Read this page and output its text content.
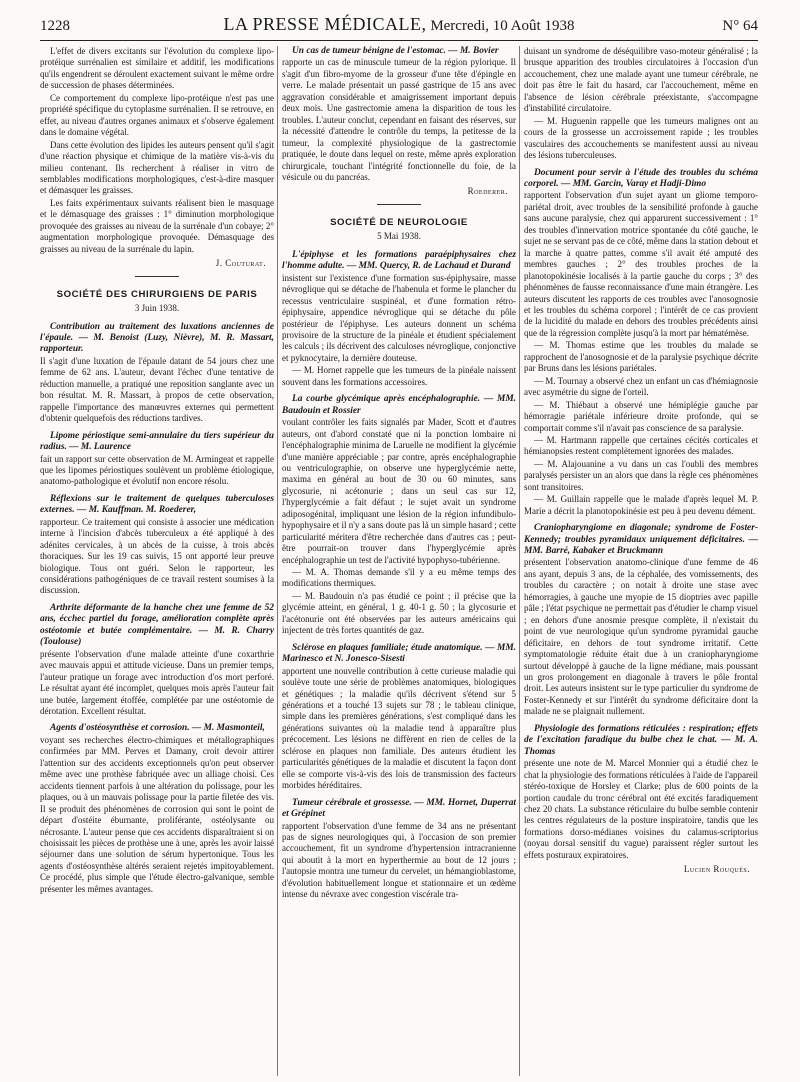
1228	LA PRESSE MÉDICALE, Mercredi, 10 Août 1938	N° 64

L'effet de divers excitants sur l'évolution du complexe lipo-protéique surrénalien est similaire et additif, les modifications qu'ils engendrent se déroulent exactement suivant le même ordre de succession de phases déterminées.

Ce comportement du complexe lipo-protéique n'est pas une propriété spécifique du cytoplasme surrénalien. Il se retrouve, en effet, au niveau d'autres organes animaux et s'observe également dans le domaine végétal.

Dans cette évolution des lipides les auteurs pensent qu'il s'agit d'une réaction physique et chimique de la matière vis-à-vis du milieu contenant. Ils recherchent à réaliser in vitro de semblables modifications morphologiques, c'est-à-dire masquer et démasquer les graisses.

Les faits expérimentaux suivants réalisent bien le masquage et le démasquage des graisses : 1° diminution morphologique provoquée des graisses au niveau de la surrénale d'un cobaye; 2° augmentation morphologique provoquée. Démasquage des graisses au niveau de la surrénale du lapin.

J. Couturat.
SOCIÉTÉ DES CHIRURGIENS DE PARIS
3 Juin 1938.
Contribution au traitement des luxations anciennes de l'épaule. — M. Benoist (Luzy, Nièvre), M. R. Massart, rapporteur.

Il s'agit d'une luxation de l'épaule datant de 54 jours chez une femme de 62 ans. L'auteur, devant l'échec d'une tentative de réduction manuelle, a pratiqué une reposition sanglante avec un bon résultat. M. R. Massart, à propos de cette observation, rappelle l'importance des manœuvres externes qui permettent d'obtenir quelquefois des réductions tardives.

Lipome périostique semi-annulaire du tiers supérieur du radius. — M. Laurence

fait un rapport sur cette observation de M. Armingeat et rappelle que les lipomes périostiques soulèvent un problème étiologique, anatomo-pathologique et évolutif non encore résolu.

Réflexions sur le traitement de quelques tuberculoses externes. — M. Kauffman. M. Roederer,

rapporteur. Ce traitement qui consiste à associer une médication interne à l'incision d'abcès tuberculeux a été appliqué à des adénites cervicales, à un abcès de la cuisse, à trois abcès thoraciques. Sur les 19 cas suivis, 15 ont apporté leur preuve biologique. Tous ont guéri. Selon le rapporteur, les considérations pathogéniques de ce travail restent soumises à la discussion.

Arthrite déformante de la hanche chez une femme de 52 ans, écchec partiel du forage, amélioration complète après ostéotomie et butée complémentaire. — M. R. Charry (Toulouse)

présente l'observation d'une malade atteinte d'une coxarthrie avec mauvais appui et attitude vicieuse. Dans un premier temps, l'auteur pratique un forage avec introduction d'os mort perforé. Le résultat ayant été incomplet, quelques mois après l'auteur fait une butée, largement étoffée, complétée par une ostéotomie de dérotation. Excellent résultat.

Agents d'ostéosynthèse et corrosion. — M. Masmonteil,

voyant ses recherches électro-chimiques et métallographiques confirmées par MM. Perves et Damany, croit devoir attirer l'attention sur des accidents exceptionnels qu'on peut observer même avec une prothèse fabriquée avec un alliage choisi. Ces accidents tiennent parfois à une altération du polissage, pour les plaques, ou à un mauvais polissage pour la partie filetée des vis. Il se produit des phénomènes de corrosion qui sont le point de départ d'ostéite éburnante, proliférante, ostéolysante ou nécrosante. L'auteur pense que ces accidents disparaîtraient si on choisissait les pièces de prothèse une à une, après les avoir laissé séjourner dans une solution de sérum hypertonique. Tous les agents d'ostéosynthèse altérés seraient rejetés impitoyablement. Ce procédé, plus simple que l'étude électro-galvanique, semble présenter les mêmes avantages.

Un cas de tumeur bénigne de l'estomac. — M. Bovier

rapporte un cas de minuscule tumeur de la région pylorique. Il s'agit d'un fibro-myome de la grosseur d'une tête d'épingle en verre. Le malade présentait un passé gastrique de 15 ans avec aggravation considérable et amaigrissement important depuis deux mois. Une gastrectomie amena la disparition de tous les troubles. L'auteur conclut, cependant en faisant des réserves, sur la nécessité d'attendre le contrôle du temps, la petitesse de la tumeur, la complexité physiologique de la gastrectomie pratiquée, le doute dans lequel on reste, même après exploration chirurgicale, touchant l'intégrité fonctionnelle du foie, de la vésicule ou du pancréas.

Roederer.
SOCIÉTÉ DE NEUROLOGIE
5 Mai 1938.
L'épiphyse et les formations paraépiphysaires chez l'homme adulte. — MM. Quercy, R. de Lachaud et Durand

insistent sur l'existence d'une formation sus-épiphysaire, masse névroglique qui se détache de l'habenula et forme le plancher du recessus ventriculaire suspinéal, et d'une formation rétro-épiphysaire, appendice névroglique qui se détache du pôle postérieur de l'épiphyse. Les auteurs donnent un schéma provisoire de la structure de la pinéale et étudient spécialement les calculs ; ils décrivent des calculoses névroglique, conjonctive et pyknocytaire, la dernière douteuse.

— M. Hornet rappelle que les tumeurs de la pinéale naissent souvent dans les formations accessoires.

La courbe glycémique après encéphalographie. — MM. Baudouin et Rossier

voulant contrôler les faits signalés par Mader, Scott et d'autres auteurs, ont d'abord constaté que ni la ponction lombaire ni l'encéphalographie minima de Laruelle ne modifient la glycémie d'une manière appréciable ; par contre, après encéphalographie ou ventriculographie, on observe une hyperglycémie nette, maxima en général au bout de 30 ou 60 minutes, sans glycosurie, ni acétonurie ; dans un seul cas sur 12, l'hyperglycémie a fait défaut ; le sujet avait un syndrome adiposogénital, impliquant une lésion de la région infundibulo-hypophysaire et il n'y a sans doute pas là un simple hasard ; cette particularité méritera d'être recherchée dans d'autres cas ; peut-être pourrait-on trouver dans l'hyperglycémie après encéphalographie un test de l'activité hypophyso-tubérienne.

— M. A. Thomas demande s'il y a eu même temps des modifications thermiques.

— M. Baudouin n'a pas étudié ce point ; il précise que la glycémie atteint, en général, 1 g. 40-1 g. 50 ; la glycosurie et l'acétonurie ont été observées par les auteurs américains qui injectent de très fortes quantités de gaz.

Sclérose en plaques familiale; étude anatomique. — MM. Marinesco et N. Jonesco-Sisesti

apportent une nouvelle contribution à cette curieuse maladie qui soulève toute une série de problèmes anatomiques, biologiques et génétiques ; la maladie qu'ils décrivent s'étend sur 5 générations et a touché 13 sujets sur 78 ; le tableau clinique, simple dans les premières générations, s'est compliqué dans les générations suivantes où la maladie tend à apparaître plus précocement. Les lésions ne diffèrent en rien de celles de la sclérose en plaques non familiale. Des auteurs étudient les particularités génétiques de la maladie et discutent la façon dont elle se comporte vis-à-vis des lois de transmission des facteurs morbides héréditaires.

Tumeur cérébrale et grossesse. — MM. Hornet, Duperrat et Grépinet

rapportent l'observation d'une femme de 34 ans ne présentant pas de signes neurologiques qui, à l'occasion de son premier accouchement, fit un syndrome d'hypertension intracranienne qui aboutit à la mort en hyperthermie au bout de 12 jours ; l'autopsie montra une tumeur du cervelet, un hémangioblastome, d'évolution habituellement longue et stationnaire et un œdème intense du névraxe avec congestion viscérale tra-

duisant un syndrome de déséquilibre vaso-moteur généralisé ; la brusque apparition des troubles circulatoires à l'occasion d'un accouchement, chez une malade ayant une tumeur cérébrale, ne doit pas être le fait du hasard, car l'accouchement, même en l'absence de lésion cérébrale préexistante, s'accompagne d'instabilité circulatoire.

— M. Huguenin rappelle que les tumeurs malignes ont au cours de la grossesse un accroissement rapide ; les troubles vasculaires des accouchements se manifestent aussi au niveau des lésions tuberculeuses.

Document pour servir à l'étude des troubles du schéma corporel. — MM. Garcin, Varay et Hadji-Dimo

rapportent l'observation d'un sujet ayant un gliome temporo-pariétal droit, avec troubles de la sensibilité profonde à gauche sans aucune paralysie, chez qui apparurent successivement : 1° des troubles d'innervation motrice spontanée du côté gauche, le sujet ne se servant pas de ce côté, même dans la station debout et la marche à quatre pattes, comme s'il avait été amputé des membres gauches ; 2° des troubles proches de la planotopokinésie localisés à la partie gauche du corps ; 3° des phénomènes de fausse reconnaissance d'une main étrangère. Les auteurs discutent les rapports de ces troubles avec l'anosognosie et les troubles du schéma corporel ; l'intérêt de ce cas provient de la lucidité du malade en dehors des troubles précédents ainsi que de la régression complète jusqu'à la mort par hématémèse.

— M. Thomas estime que les troubles du malade se rapprochent de l'anosognosie et de la paralysie psychique décrite par Bruns dans les lésions pariétales.

— M. Tournay a observé chez un enfant un cas d'hémiagnosie avec asymétrie du signe de l'orteil.

— M. Thiébaut a observé une hémiplégie gauche par hémorragie pariétale inférieure droite profonde, qui se comportait comme s'il n'avait pas conscience de sa paralysie.

— M. Hartmann rappelle que certaines cécités corticales et hémianopsies restent complètement ignorées des malades.

— M. Alajouanine a vu dans un cas l'oubli des membres paralysés persister un an alors que dans la règle ces phénomènes sont transitoires.

— M. Guillain rappelle que le malade d'après lequel M. P. Marie a décrit la planotopokinésie est peu à peu devenu dément.

Craniopharyngiome en diagonale; syndrome de Foster-Kennedy; troubles pyramidaux uniquement déficitaires. — MM. Barré, Kabaker et Bruckmann

présentent l'observation anatomo-clinique d'une femme de 46 ans ayant, depuis 3 ans, de la céphalée, des vomissements, des troubles du caractère ; on notait à droite une stase avec hémorragies, à gauche une myopie de 15 dioptries avec papille pâle ; l'état psychique ne permettait pas d'étudier le champ visuel ; en dehors d'une anosmie presque complète, il n'existait du point de vue neurologique qu'un syndrome pyramidal gauche déficitaire, en dehors de tout syndrome irritatif. Cette symptomatologie réduite était due à un craniopharyngiome surtout développé à gauche de la ligne médiane, mais poussant un gros prolongement en diagonale à travers le pôle frontal droit. Les auteurs insistent sur le type particulier du syndrome de Foster-Kennedy et sur l'intérêt du syndrome déficitaire dont la malade ne se plaignait nullement.

Physiologie des formations réticulées : respiration; effets de l'excitation faradique du bulbe chez le chat. — M. A. Thomas

présente une note de M. Marcel Monnier qui a étudié chez le chat la physiologie des formations réticulées à l'aide de l'appareil stéréo-toxique de Horsley et Clarke; plus de 600 points de la portion caudale du tronc cérébral ont été excités faradiquement chez 20 chats. La substance réticulaire du bulbe semble contenir les centres régulateurs de la posture inspiratoire, tandis que les formations dorso-médianes voisines du calamus-scriptorius (noyau dorsal sensitif du vague) paraissent régler surtout les effets posturaux expiratoires.

Lucien Rouquès.
